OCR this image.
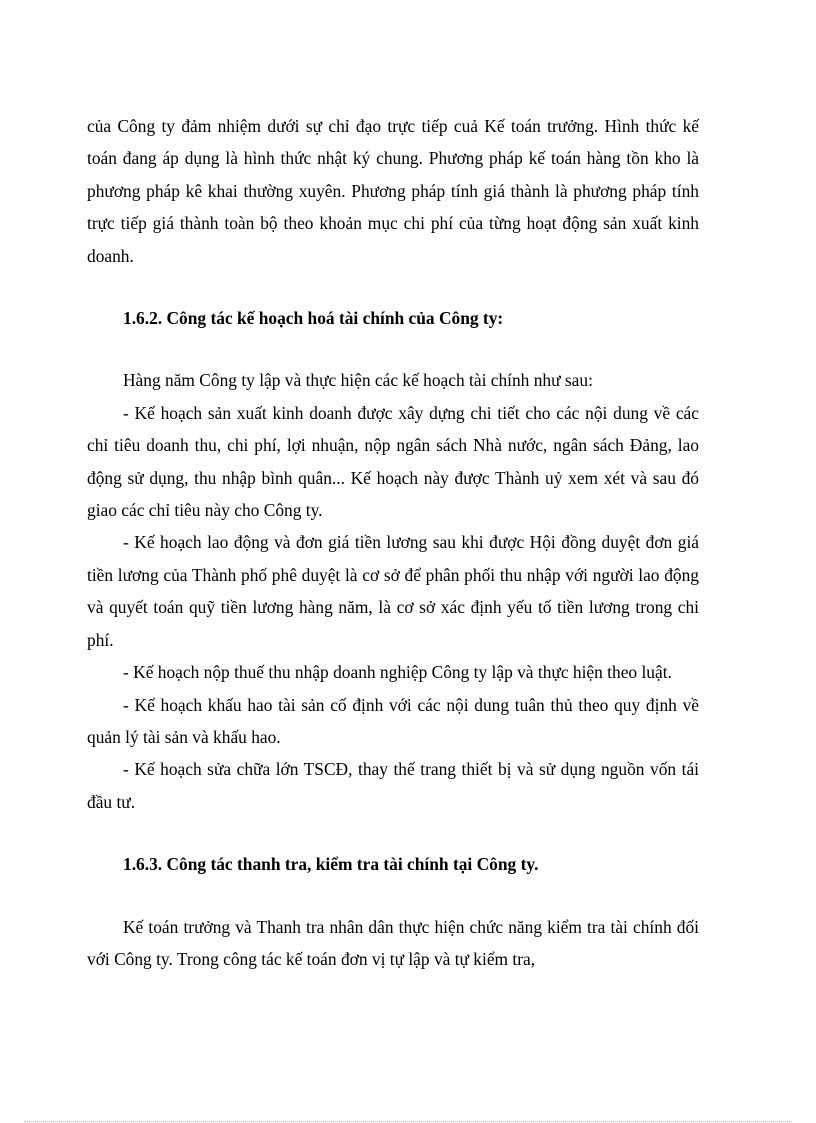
của Công ty đảm nhiệm dưới sự chỉ đạo trực tiếp cuả Kế toán trưởng. Hình thức kế toán đang áp dụng là hình thức nhật ký chung. Phương pháp kế toán hàng tồn kho là phương pháp kê khai thường xuyên. Phương pháp tính giá thành là phương pháp tính trực tiếp giá thành toàn bộ theo khoản mục chi phí của từng hoạt động sản xuất kinh doanh.

1.6.2. Công tác kế hoạch hoá tài chính của Công ty:

Hàng năm Công ty lập và thực hiện các kế hoạch tài chính như sau:

- Kế hoạch sản xuất kinh doanh được xây dựng chi tiết cho các nội dung về các chỉ tiêu doanh thu, chi phí, lợi nhuận, nộp ngân sách Nhà nước, ngân sách Đảng, lao động sử dụng, thu nhập bình quân... Kế hoạch này được Thành uỷ xem xét và sau đó giao các chỉ tiêu này cho Công ty.

- Kế hoạch lao động và đơn giá tiền lương sau khi được Hội đồng duyệt đơn giá tiền lương của Thành phố phê duyệt là cơ sở để phân phối thu nhập với người lao động và quyết toán quỹ tiền lương hàng năm, là cơ sở xác định yếu tố tiền lương trong chi phí.

- Kế hoạch nộp thuế thu nhập doanh nghiệp Công ty lập và thực hiện theo luật.

- Kế hoạch khấu hao tài sản cố định với các nội dung tuân thủ theo quy định về quản lý tài sản và khấu hao.

- Kế hoạch sửa chữa lớn TSCĐ, thay thế trang thiết bị và sử dụng nguồn vốn tái đầu tư.

1.6.3. Công tác thanh tra, kiểm tra tài chính tại Công ty.

Kế toán trưởng và Thanh tra nhân dân thực hiện chức năng kiểm tra tài chính đối với Công ty. Trong công tác kế toán đơn vị tự lập và tự kiểm tra,
